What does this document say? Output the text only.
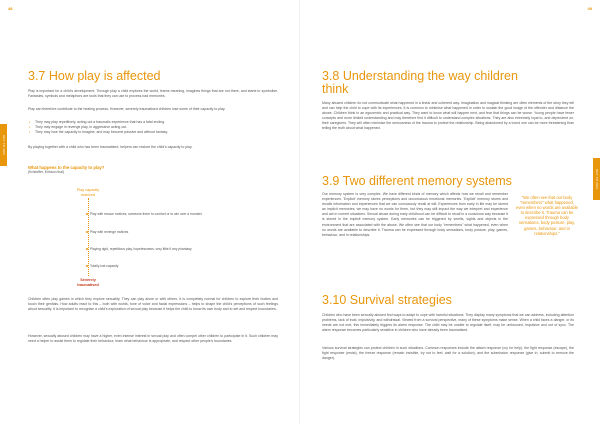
48
KEY TO ZEN
3.7 How play is affected

Play is important for a child's development. Through play a child explores the world, learns meaning, imagines things that are not there, and starts to symbolise. Fantasies, symbols and metaphors are tools that they can use to process bad memories.

Play can therefore contribute to the healing process. However, severely traumatised children lose some of their capacity to play.

• They may play repetitively, acting out a traumatic experience that has a fatal ending.
• They may engage in revenge play, in aggressive acting out.
• They may lose the capacity to imagine, and may become passive and without fantasy.

By playing together with a child who has been traumatised, helpers can restore the child's capacity to play.

What happens to the capacity to play?
(Kristoffer, Erikson ihal)
Play capacity
restored
Play with rescue motives; someone there to comfort or to win over a monster
Play with revenge motives
Playing rigid, repetitious play, hopelessness, very little if any phantasy
Totally lost capacity
Severely
traumatised

Children often play games in which they explore sexuality. They can play alone or with others. It is completely normal for children to explore their bodies and touch their genitals. How adults react to this – both with words, tone of voice and facial expressions – helps to shape the child's perceptions of such feelings about sexuality. It is important to recognise a child's exploration of sexual play because it helps the child to know its own body and to set and respect boundaries.

However, sexually abused children may have a higher, even intense interest in sexual play and often compel other children to participate in it. Such children may need a helper to assist them to regulate their behaviour, learn what behaviour is appropriate, and respect other people's boundaries.

49
KEY TO ZEN
3.8 Understanding the way children think

Many abused children do not communicate what happened in a linear and coherent way. Imagination and magical thinking are often elements of the story they tell and can help the child to cope with its experiences. It is common to minimise what happened in order to sustain the good image of the offender and distance the abuse. Children think in an egocentric and practical way. They want to know what will happen next, and fear that things can be worse. Young people have fewer concepts and more limited understanding and may therefore find it difficult to understand complex situations. They are also extremely loyal to, and dependent on, their caregivers. They will often minimise the seriousness of the trauma to protect the relationship. Being abandoned by a loved one can be more threatening than telling the truth about what happened.

3.9 Two different memory systems

Our memory system is very complex. We have different kinds of memory which affects how we recall and remember experiences. 'Explicit' memory stores perceptions and unconscious emotional memories. 'Explicit' memory stores and recalls information and experiences that we can consciously recall at will. Experiences from early in life may be stored as implicit memories; we may have no words for them, but they may still impact the way we interpret and experience and act in current situations. Sexual abuse during early childhood can be difficult to recall in a conscious way because it is stored in the implicit memory system. Early memories can be triggered by smells, sights and objects in the environment that are associated with the abuse. We often see that our body "remembers" what happened, even when no words are available to describe it. Trauma can be expressed through body sensations, body posture, play, games, behaviour, and in relationships.

"We often see that our body "remembers" what happened, even when no words are available to describe it. Trauma can be expressed through body sensations, body posture, play, games, behaviour, and in relationships."
3.10 Survival strategies

Children who have been sexually abused find ways to adapt to cope with harmful situations. They display many symptoms that we can address, including attention problems, lack of trust, impulsivity, and withdrawal. Viewed from a survival perspective, many of these symptoms make sense. When a child faces a danger, or its needs are not met, this immediately triggers its alarm response. The child may be unable to regulate itself, may be unfocused, impulsive and out of sync. The alarm response becomes particularly sensitive in children who have already been traumatised.

Various survival strategies can protect children in such situations. Common responses include the attach response (cry for help), the fight response (escape), the fight response (resist), the freeze response (remain invisible, try not to feel, wait for a solution), and the submission response (give in, submit to remove the danger).
